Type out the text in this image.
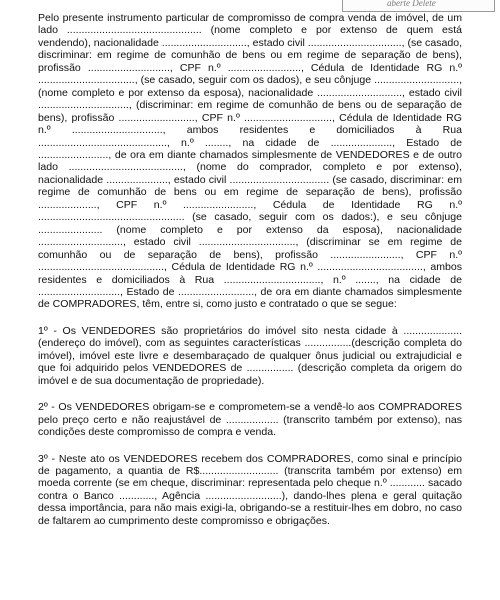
aberte Delete

Pelo presente instrumento particular de compromisso de compra venda de imóvel, de um lado .............................................. (nome completo e por extenso de quem está vendendo), nacionalidade ............................., estado civil ................................, (se casado, discriminar: em regime de comunhão de bens ou em regime de separação de bens), profissão ............................, CPF n.º ........................., Cédula de Identidade RG n.º ................................., (se casado, seguir com os dados), e seu cônjuge ............................., (nome completo e por extenso da esposa), nacionalidade ............................., estado civil ..............................., (discriminar: em regime de comunhão de bens ou de separação de bens), profissão .........................., CPF n.º .............................., Cédula de Identidade RG n.º ..............................., ambos residentes e domiciliados à Rua ............................................, n.º ........, na cidade de ....................., Estado de ........................, de ora em diante chamados simplesmente de VENDEDORES e de outro lado ......................................., (nome do comprador, completo e por extenso), nacionalidade ....................., estado civil .................................. (se casado, discriminar: em regime de comunhão de bens ou em regime de separação de bens), profissão ...................., CPF n.º ........................, Cédula de Identidade RG n.º .................................................. (se casado, seguir com os dados:), e seu cônjuge ...................... (nome completo e por extenso da esposa), nacionalidade ............................., estado civil ................................., (discriminar se em regime de comunhão ou de separação de bens), profissão ........................, CPF n.º ..........................................., Cédula de Identidade RG n.º ...................................., ambos residentes e domiciliados à Rua ................................., n.º ......., na cidade de ............................, Estado de .........................., de ora em diante chamados simplesmente de COMPRADORES, têm, entre si, como justo e contratado o que se segue:

1º - Os VENDEDORES são proprietários do imóvel sito nesta cidade à .................... (endereço do imóvel), com as seguintes características ................(descrição completa do imóvel), imóvel este livre e desembaraçado de qualquer ônus judicial ou extrajudicial e que foi adquirido pelos VENDEDORES de ................ (descrição completa da origem do imóvel e de sua documentação de propriedade).

2º - Os VENDEDORES obrigam-se e comprometem-se a vendê-lo aos COMPRADORES pelo preço certo e não reajustável de .................. (transcrito também por extenso), nas condições deste compromisso de compra e venda.

3º - Neste ato os VENDEDORES recebem dos COMPRADORES, como sinal e princípio de pagamento, a quantia de R$........................... (transcrita também por extenso) em moeda corrente (se em cheque, discriminar: representada pelo cheque n.º ............ sacado contra o Banco ............, Agência ..........................), dando-lhes plena e geral quitação dessa importância, para não mais exigi-la, obrigando-se a restituir-lhes em dobro, no caso de faltarem ao cumprimento deste compromisso e obrigações.
